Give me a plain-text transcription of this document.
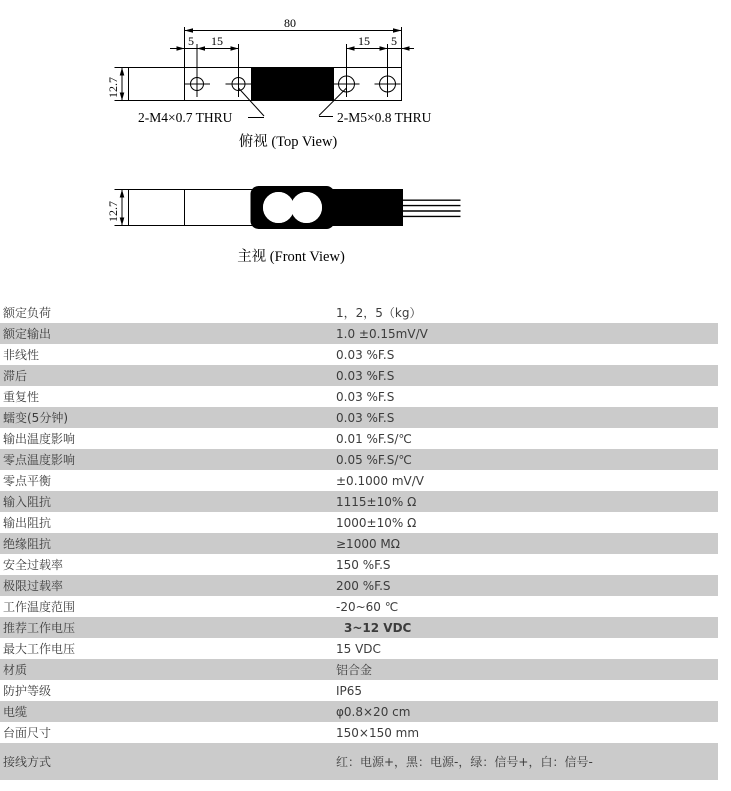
80
5 15	15 5
12.7
2-M4×0.7 THRU	2-M5×0.8 THRU
俯视 (Top View)
12.7
主视 (Front View)
额定负荷	1，2，5（kg）
额定输出	1.0 ±0.15mV/V
非线性	0.03 %F.S
滞后	0.03 %F.S
重复性	0.03 %F.S
蠕变(5分钟)	0.03 %F.S
输出温度影响	0.01 %F.S/℃
零点温度影响	0.05 %F.S/℃
零点平衡	±0.1000 mV/V
输入阻抗	1115±10% Ω
输出阻抗	1000±10% Ω
绝缘阻抗	≥1000 MΩ
安全过载率	150 %F.S
极限过载率	200 %F.S
工作温度范围	-20~60 ℃
推荐工作电压	3~12 VDC
最大工作电压	15 VDC
材质	铝合金
防护等级	IP65
电缆	φ0.8×20 cm
台面尺寸	150×150 mm
接线方式	红：电源+，黑：电源-，绿：信号+，白：信号-
